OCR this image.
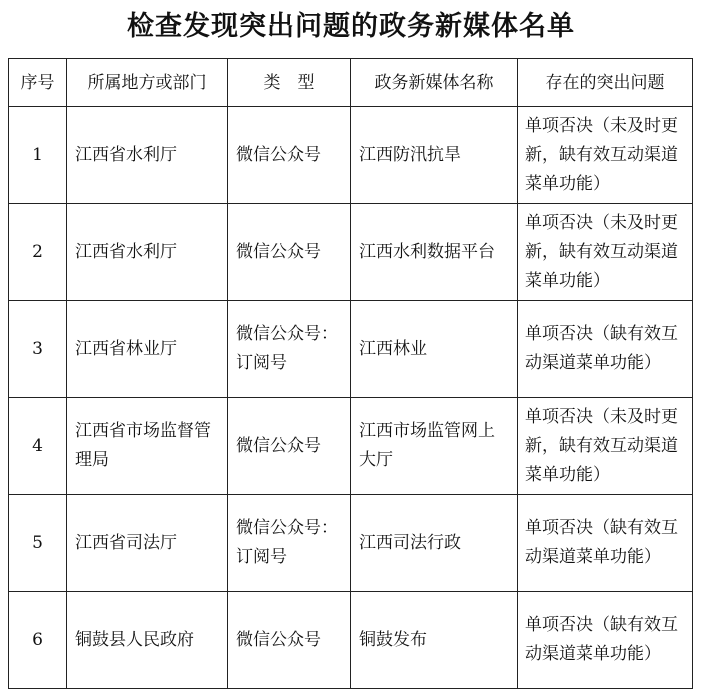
检查发现突出问题的政务新媒体名单
序号	所属地方或部门	类　型	政务新媒体名称	存在的突出问题
1	江西省水利厅	微信公众号	江西防汛抗旱	单项否决（未及时更新，缺有效互动渠道菜单功能）
2	江西省水利厅	微信公众号	江西水利数据平台	单项否决（未及时更新，缺有效互动渠道菜单功能）
3	江西省林业厅	微信公众号：订阅号	江西林业	单项否决（缺有效互动渠道菜单功能）
4	江西省市场监督管理局	微信公众号	江西市场监管网上大厅	单项否决（未及时更新，缺有效互动渠道菜单功能）
5	江西省司法厅	微信公众号：订阅号	江西司法行政	单项否决（缺有效互动渠道菜单功能）
6	铜鼓县人民政府	微信公众号	铜鼓发布	单项否决（缺有效互动渠道菜单功能）
